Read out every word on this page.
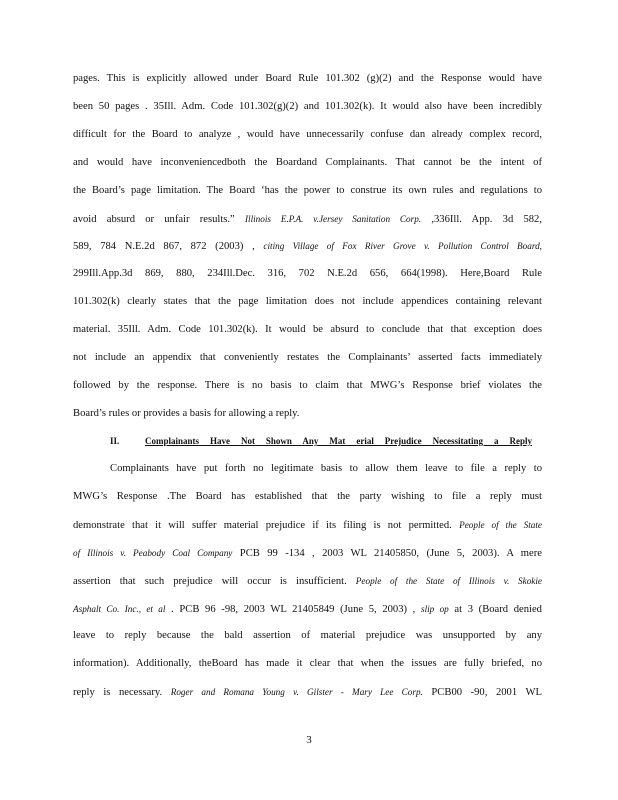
pages. This is explicitly allowed under Board Rule 101.302 (g)(2) and the Response would have
been 50 pages . 35Ill. Adm. Code 101.302(g)(2) and 101.302(k). It would also have been incredibly
difficult for the Board to analyze , would have unnecessarily confuse dan already complex record,
and would have inconveniencedboth the Boardand Complainants. That cannot be the intent of
the Board’s page limitation. The Board ‘has the power to construe its own rules and regulations to
avoid absurd or unfair results.” Illinois E.P.A. v.Jersey Sanitation Corp. ,336Ill. App. 3d 582,
589, 784 N.E.2d 867, 872 (2003) , citing Village of Fox River Grove v. Pollution Control Board,
299Ill.App.3d 869, 880, 234Ill.Dec. 316, 702 N.E.2d 656, 664(1998). Here,Board Rule
101.302(k) clearly states that the page limitation does not include appendices containing relevant
material. 35Ill. Adm. Code 101.302(k). It would be absurd to conclude that that exception does
not include an appendix that conveniently restates the Complainants’ asserted facts immediately
followed by the response. There is no basis to claim that MWG’s Response brief violates the
Board’s rules or provides a basis for allowing a reply.
II.	Complainants Have Not Shown Any Mat erial Prejudice Necessitating a Reply
Complainants have put forth no legitimate basis to allow them leave to file a reply to
MWG’s Response .The Board has established that the party wishing to file a reply must
demonstrate that it will suffer material prejudice if its filing is not permitted. People of the State
of Illinois v. Peabody Coal Company PCB 99 -134 , 2003 WL 21405850, (June 5, 2003). A mere
assertion that such prejudice will occur is insufficient. People of the State of Illinois v. Skokie
Asphalt Co. Inc., et al . PCB 96 -98, 2003 WL 21405849 (June 5, 2003) , slip op at 3 (Board denied
leave to reply because the bald assertion of material prejudice was unsupported by any
information). Additionally, theBoard has made it clear that when the issues are fully briefed, no
reply is necessary. Roger and Romana Young v. Gilster - Mary Lee Corp. PCB00 -90, 2001 WL
3
